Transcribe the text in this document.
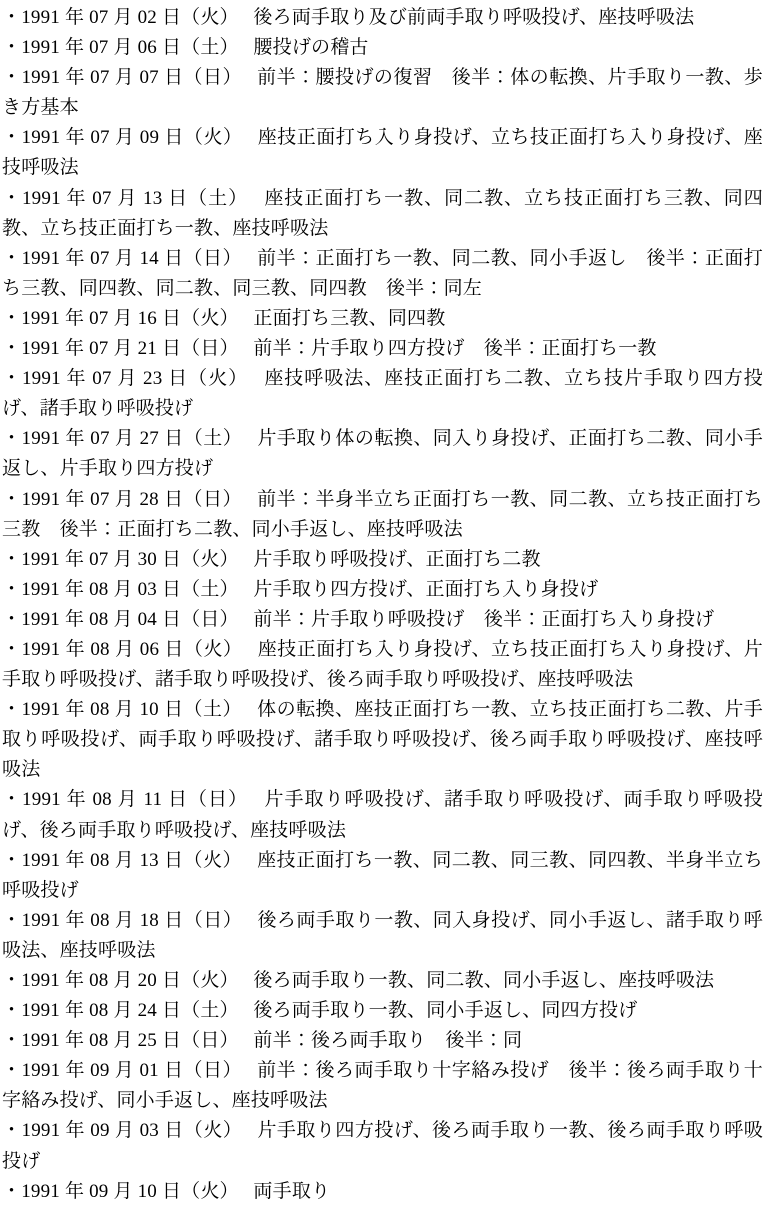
・1991 年 07 月 02 日（火）　 後ろ両手取り及び前両手取り呼吸投げ、座技呼吸法

・1991 年 07 月 06 日（土）　 腰投げの稽古

・1991 年 07 月 07 日（日）　 前半：腰投げの復習　後半：体の転換、片手取り一教、歩き方基本

・1991 年 07 月 09 日（火）　 座技正面打ち入り身投げ、立ち技正面打ち入り身投げ、座技呼吸法

・1991 年 07 月 13 日（土）　 座技正面打ち一教、同二教、立ち技正面打ち三教、同四教、立ち技正面打ち一教、座技呼吸法

・1991 年 07 月 14 日（日）　 前半：正面打ち一教、同二教、同小手返し　後半：正面打ち三教、同四教、同二教、同三教、同四教　後半：同左

・1991 年 07 月 16 日（火）　 正面打ち三教、同四教

・1991 年 07 月 21 日（日）　 前半：片手取り四方投げ　後半：正面打ち一教

・1991 年 07 月 23 日（火）　 座技呼吸法、座技正面打ち二教、立ち技片手取り四方投げ、諸手取り呼吸投げ

・1991 年 07 月 27 日（土）　 片手取り体の転換、同入り身投げ、正面打ち二教、同小手返し、片手取り四方投げ

・1991 年 07 月 28 日（日）　 前半：半身半立ち正面打ち一教、同二教、立ち技正面打ち三教　後半：正面打ち二教、同小手返し、座技呼吸法

・1991 年 07 月 30 日（火）　 片手取り呼吸投げ、正面打ち二教

・1991 年 08 月 03 日（土）　 片手取り四方投げ、正面打ち入り身投げ

・1991 年 08 月 04 日（日）　 前半：片手取り呼吸投げ　後半：正面打ち入り身投げ

・1991 年 08 月 06 日（火）　 座技正面打ち入り身投げ、立ち技正面打ち入り身投げ、片手取り呼吸投げ、諸手取り呼吸投げ、後ろ両手取り呼吸投げ、座技呼吸法

・1991 年 08 月 10 日（土）　 体の転換、座技正面打ち一教、立ち技正面打ち二教、片手取り呼吸投げ、両手取り呼吸投げ、諸手取り呼吸投げ、後ろ両手取り呼吸投げ、座技呼吸法

・1991 年 08 月 11 日（日）　 片手取り呼吸投げ、諸手取り呼吸投げ、両手取り呼吸投げ、後ろ両手取り呼吸投げ、座技呼吸法

・1991 年 08 月 13 日（火）　 座技正面打ち一教、同二教、同三教、同四教、半身半立ち呼吸投げ

・1991 年 08 月 18 日（日）　 後ろ両手取り一教、同入身投げ、同小手返し、諸手取り呼吸法、座技呼吸法

・1991 年 08 月 20 日（火）　 後ろ両手取り一教、同二教、同小手返し、座技呼吸法

・1991 年 08 月 24 日（土）　 後ろ両手取り一教、同小手返し、同四方投げ

・1991 年 08 月 25 日（日）　 前半：後ろ両手取り　後半：同

・1991 年 09 月 01 日（日）　 前半：後ろ両手取り十字絡み投げ　後半：後ろ両手取り十字絡み投げ、同小手返し、座技呼吸法

・1991 年 09 月 03 日（火）　 片手取り四方投げ、後ろ両手取り一教、後ろ両手取り呼吸投げ

・1991 年 09 月 10 日（火）　 両手取り
